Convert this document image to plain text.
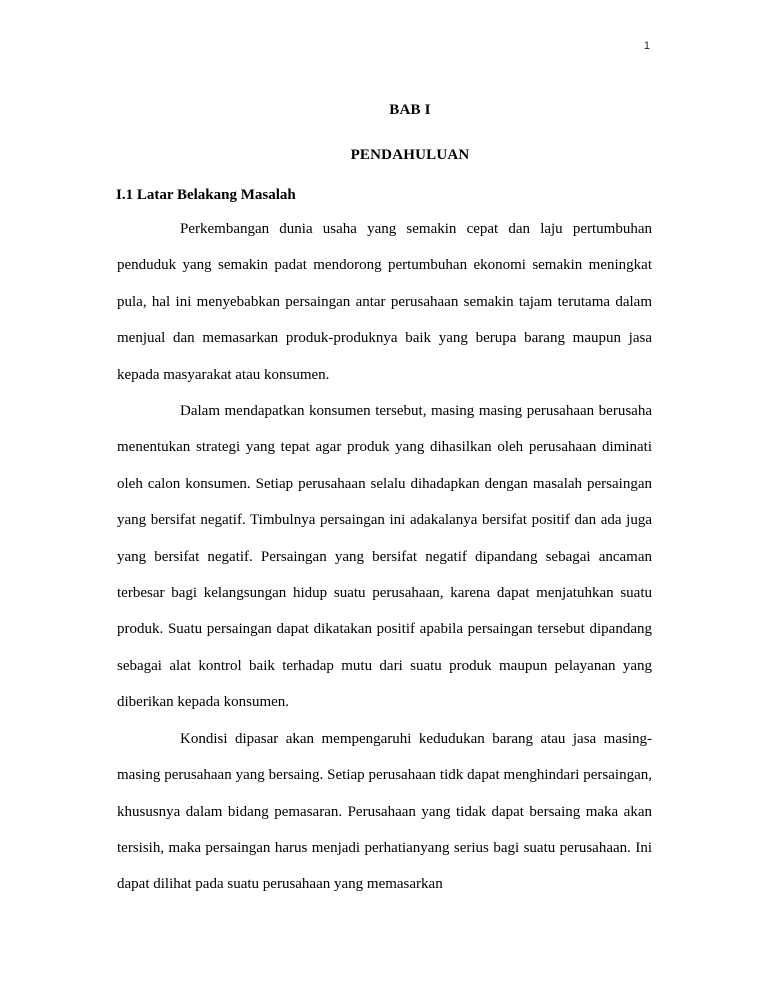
1
BAB I
PENDAHULUAN
I.1 Latar Belakang Masalah

Perkembangan dunia usaha yang semakin cepat dan laju pertumbuhan penduduk yang semakin padat mendorong pertumbuhan ekonomi semakin meningkat pula, hal ini menyebabkan persaingan antar perusahaan semakin tajam terutama dalam menjual dan memasarkan produk-produknya baik yang berupa barang maupun jasa kepada masyarakat atau konsumen.

Dalam mendapatkan konsumen tersebut, masing masing perusahaan berusaha menentukan strategi yang tepat agar produk yang dihasilkan oleh perusahaan diminati oleh calon konsumen. Setiap perusahaan selalu dihadapkan dengan masalah persaingan yang bersifat negatif. Timbulnya persaingan ini adakalanya bersifat positif dan ada juga yang bersifat negatif. Persaingan yang bersifat negatif dipandang sebagai ancaman terbesar bagi kelangsungan hidup suatu perusahaan, karena dapat menjatuhkan suatu produk. Suatu persaingan dapat dikatakan positif apabila persaingan tersebut dipandang sebagai alat kontrol baik terhadap mutu dari suatu produk maupun pelayanan yang diberikan kepada konsumen.

Kondisi dipasar akan mempengaruhi kedudukan barang atau jasa masing-masing perusahaan yang bersaing. Setiap perusahaan tidk dapat menghindari persaingan, khususnya dalam bidang pemasaran. Perusahaan yang tidak dapat bersaing maka akan tersisih, maka persaingan harus menjadi perhatianyang serius bagi suatu perusahaan. Ini dapat dilihat pada suatu perusahaan yang memasarkan
